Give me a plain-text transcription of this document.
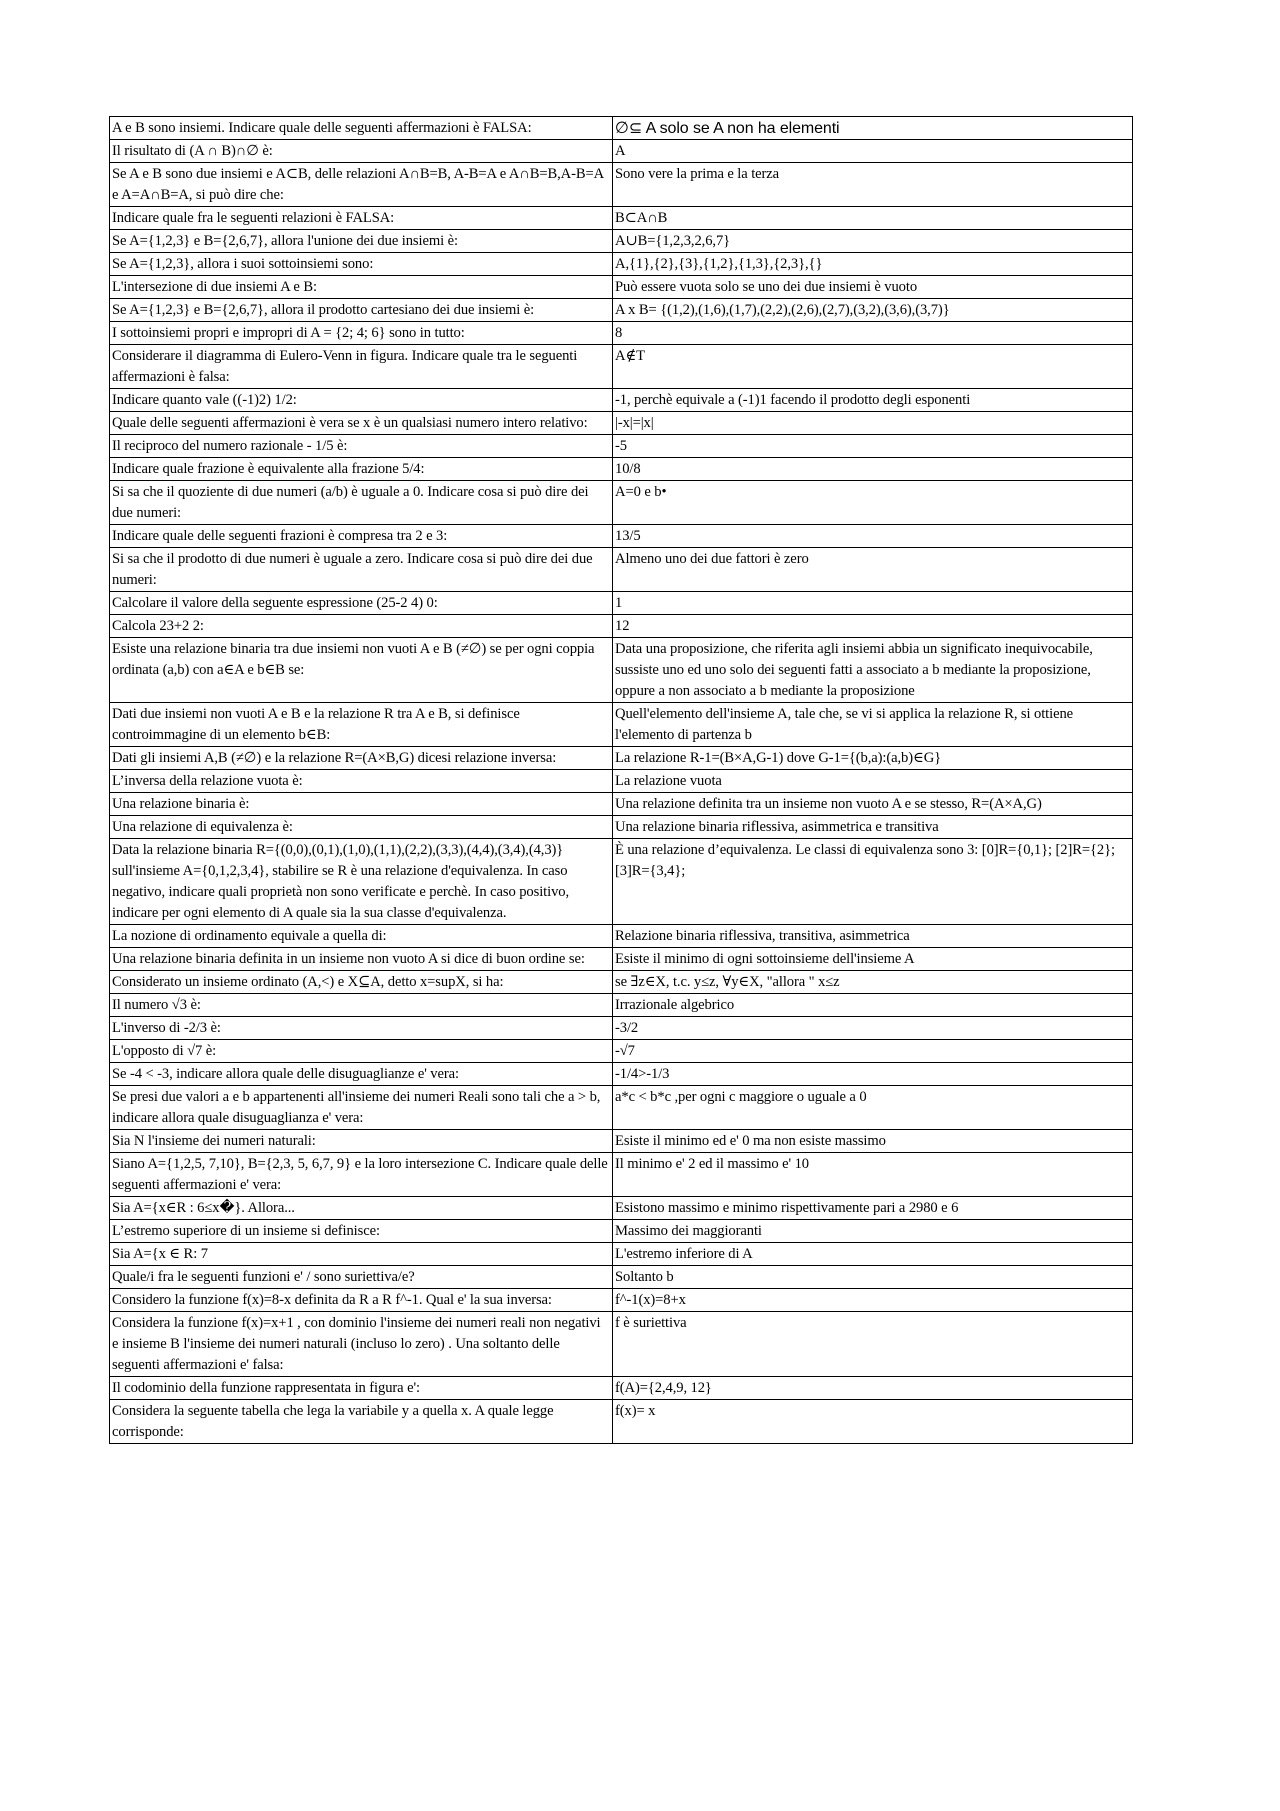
A e B sono insiemi. Indicare quale delle seguenti affermazioni è FALSA:	∅⊆ A solo se A non ha elementi
Il risultato di (A ∩ B)∩∅ è:	A
Se A e B sono due insiemi e A⊂B, delle relazioni A∩B=B, A-B=A e A∩B=B,A-B=A e A=A∩B=A, si può dire che:	Sono vere la prima e la terza
Indicare quale fra le seguenti relazioni è FALSA:	B⊂A∩B
Se A={1,2,3} e B={2,6,7}, allora l'unione dei due insiemi è:	A∪B={1,2,3,2,6,7}
Se A={1,2,3}, allora i suoi sottoinsiemi sono:	A,{1},{2},{3},{1,2},{1,3},{2,3},{}
L'intersezione di due insiemi A e B:	Può essere vuota solo se uno dei due insiemi è vuoto
Se A={1,2,3} e B={2,6,7}, allora il prodotto cartesiano dei due insiemi è:	A x B= {(1,2),(1,6),(1,7),(2,2),(2,6),(2,7),(3,2),(3,6),(3,7)}
I sottoinsiemi propri e impropri di A = {2; 4; 6} sono in tutto:	8
Considerare il diagramma di Eulero-Venn in figura. Indicare quale tra le seguenti affermazioni è falsa:	A∉T
Indicare quanto vale ((-1)2) 1/2:	-1, perchè equivale a (-1)1 facendo il prodotto degli esponenti
Quale delle seguenti affermazioni è vera se x è un qualsiasi numero intero relativo:	|-x|=|x|
Il reciproco del numero razionale - 1/5 è:	-5
Indicare quale frazione è equivalente alla frazione 5/4:	10/8
Si sa che il quoziente di due numeri (a/b) è uguale a 0. Indicare cosa si può dire dei due numeri:	A=0 e b•
Indicare quale delle seguenti frazioni è compresa tra 2 e 3:	13/5
Si sa che il prodotto di due numeri è uguale a zero. Indicare cosa si può dire dei due numeri:	Almeno uno dei due fattori è zero
Calcolare il valore della seguente espressione (25-2 4) 0:	1
Calcola 23+2 2:	12
Esiste una relazione binaria tra due insiemi non vuoti A e B (≠∅) se per ogni coppia ordinata (a,b) con a∈A e b∈B se:	Data una proposizione, che riferita agli insiemi abbia un significato inequivocabile, sussiste uno ed uno solo dei seguenti fatti a associato a b mediante la proposizione, oppure a non associato a b mediante la proposizione
Dati due insiemi non vuoti A e B e la relazione R tra A e B, si definisce controimmagine di un elemento b∈B:	Quell'elemento dell'insieme A, tale che, se vi si applica la relazione R, si ottiene l'elemento di partenza b
Dati gli insiemi A,B (≠∅) e la relazione R=(A×B,G) dicesi relazione inversa:	La relazione R-1=(B×A,G-1) dove G-1={(b,a):(a,b)∈G}
L’inversa della relazione vuota è:	La relazione vuota
Una relazione binaria è:	Una relazione definita tra un insieme non vuoto A e se stesso, R=(A×A,G)
Una relazione di equivalenza è:	Una relazione binaria riflessiva, asimmetrica e transitiva
Data la relazione binaria R={(0,0),(0,1),(1,0),(1,1),(2,2),(3,3),(4,4),(3,4),(4,3)} sull'insieme A={0,1,2,3,4}, stabilire se R è una relazione d'equivalenza. In caso negativo, indicare quali proprietà non sono verificate e perchè. In caso positivo, indicare per ogni elemento di A quale sia la sua classe d'equivalenza.	È una relazione d’equivalenza. Le classi di equivalenza sono 3: [0]R={0,1}; [2]R={2}; [3]R={3,4};
La nozione di ordinamento equivale a quella di:	Relazione binaria riflessiva, transitiva, asimmetrica
Una relazione binaria definita in un insieme non vuoto A si dice di buon ordine se:	Esiste il minimo di ogni sottoinsieme dell'insieme A
Considerato un insieme ordinato (A,<) e X⊆A, detto x=supX, si ha:	se ∃z∈X, t.c. y≤z, ∀y∈X, "allora " x≤z
Il numero √3 è:	Irrazionale algebrico
L'inverso di -2/3 è:	-3/2
L'opposto di √7 è:	-√7
Se -4 < -3, indicare allora quale delle disuguaglianze e' vera:	-1/4>-1/3
Se presi due valori a e b appartenenti all'insieme dei numeri Reali sono tali che a > b, indicare allora quale disuguaglianza e' vera:	a*c < b*c ,per ogni c maggiore o uguale a 0
Sia N l'insieme dei numeri naturali:	Esiste il minimo ed e' 0 ma non esiste massimo
Siano A={1,2,5, 7,10}, B={2,3, 5, 6,7, 9} e la loro intersezione C. Indicare quale delle seguenti affermazioni e' vera:	Il minimo e' 2 ed il massimo e' 10
Sia A={x∈R : 6≤x�}. Allora...	Esistono massimo e minimo rispettivamente pari a 2980 e 6
L’estremo superiore di un insieme si definisce:	Massimo dei maggioranti
Sia A={x ∈ R: 7	L'estremo inferiore di A
Quale/i fra le seguenti funzioni e' / sono suriettiva/e?	Soltanto b
Considero la funzione f(x)=8-x definita da R a R f^-1. Qual e' la sua inversa:	f^-1(x)=8+x
Considera la funzione f(x)=x+1 , con dominio l'insieme dei numeri reali non negativi e insieme B l'insieme dei numeri naturali (incluso lo zero) . Una soltanto delle seguenti affermazioni e' falsa:	f è suriettiva
Il codominio della funzione rappresentata in figura e':	f(A)={2,4,9, 12}
Considera la seguente tabella che lega la variabile y a quella x. A quale legge corrisponde:	f(x)= x
